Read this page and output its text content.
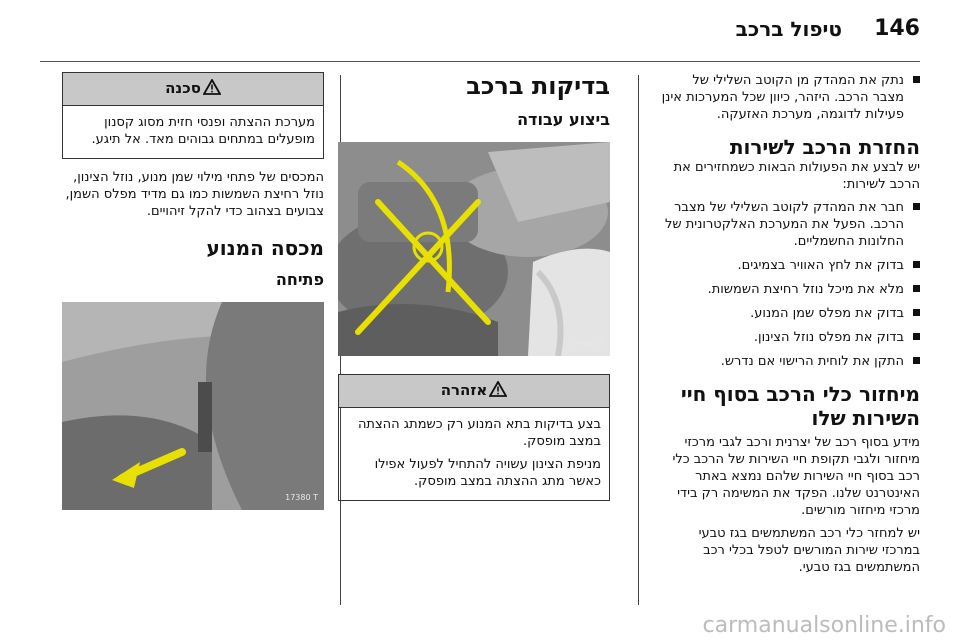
146
טיפול ברכב
נתק את המהדק מן הקוטב השלילי של מצבר הרכב. היזהר, כיוון שכל המערכות אינן פעילות לדוגמה, מערכת האזעקה.
החזרת הרכב לשירות

יש לבצע את הפעולות הבאות כשמחזירים את הרכב לשירות:

חבר את המהדק לקוטב השלילי של מצבר הרכב. הפעל את המערכת האלקטרונית של החלונות החשמליים.
בדוק את לחץ האוויר בצמיגים.
מלא את מיכל נוזל רחיצת השמשות.
בדוק את מפלס שמן המנוע.
בדוק את מפלס נוזל הצינון.
התקן את לוחית הרישוי אם נדרש.
מיחזור כלי הרכב בסוף חיי השירות שלו

מידע בסוף רכב של יצרנית ורכב לגבי מרכזי מיחזור ולגבי תקופת חיי השירות של הרכב כלי רכב בסוף חיי השירות שלהם נמצא באתר האינטרנט שלנו. הפקד את המשימה רק בידי מרכזי מיחזור מורשים.

יש למחזר כלי רכב המשתמשים בגז טבעי במרכזי שירות המורשים לטפל בכלי רכב המשתמשים בגז טבעי.

בדיקות ברכב
ביצוע עבודה
17491 T
אזהרה

בצע בדיקות בתא המנוע רק כשמתג ההצתה במצב מופסק.

מניפת הצינון עשויה להתחיל לפעול אפילו כאשר מתג ההצתה במצב מופסק.

סכנה

מערכת ההצתה ופנסי חזית מסוג קסנון מופעלים במתחים גבוהים מאד. אל תיגע.

המכסים של פתחי מילוי שמן מנוע, נוזל הצינון, נוזל רחיצת השמשות כמו גם מדיד מפלס השמן, צבועים בצהוב כדי להקל זיהויים.

מכסה המנוע
פתיחה
17380 T
carmanualsonline.info
